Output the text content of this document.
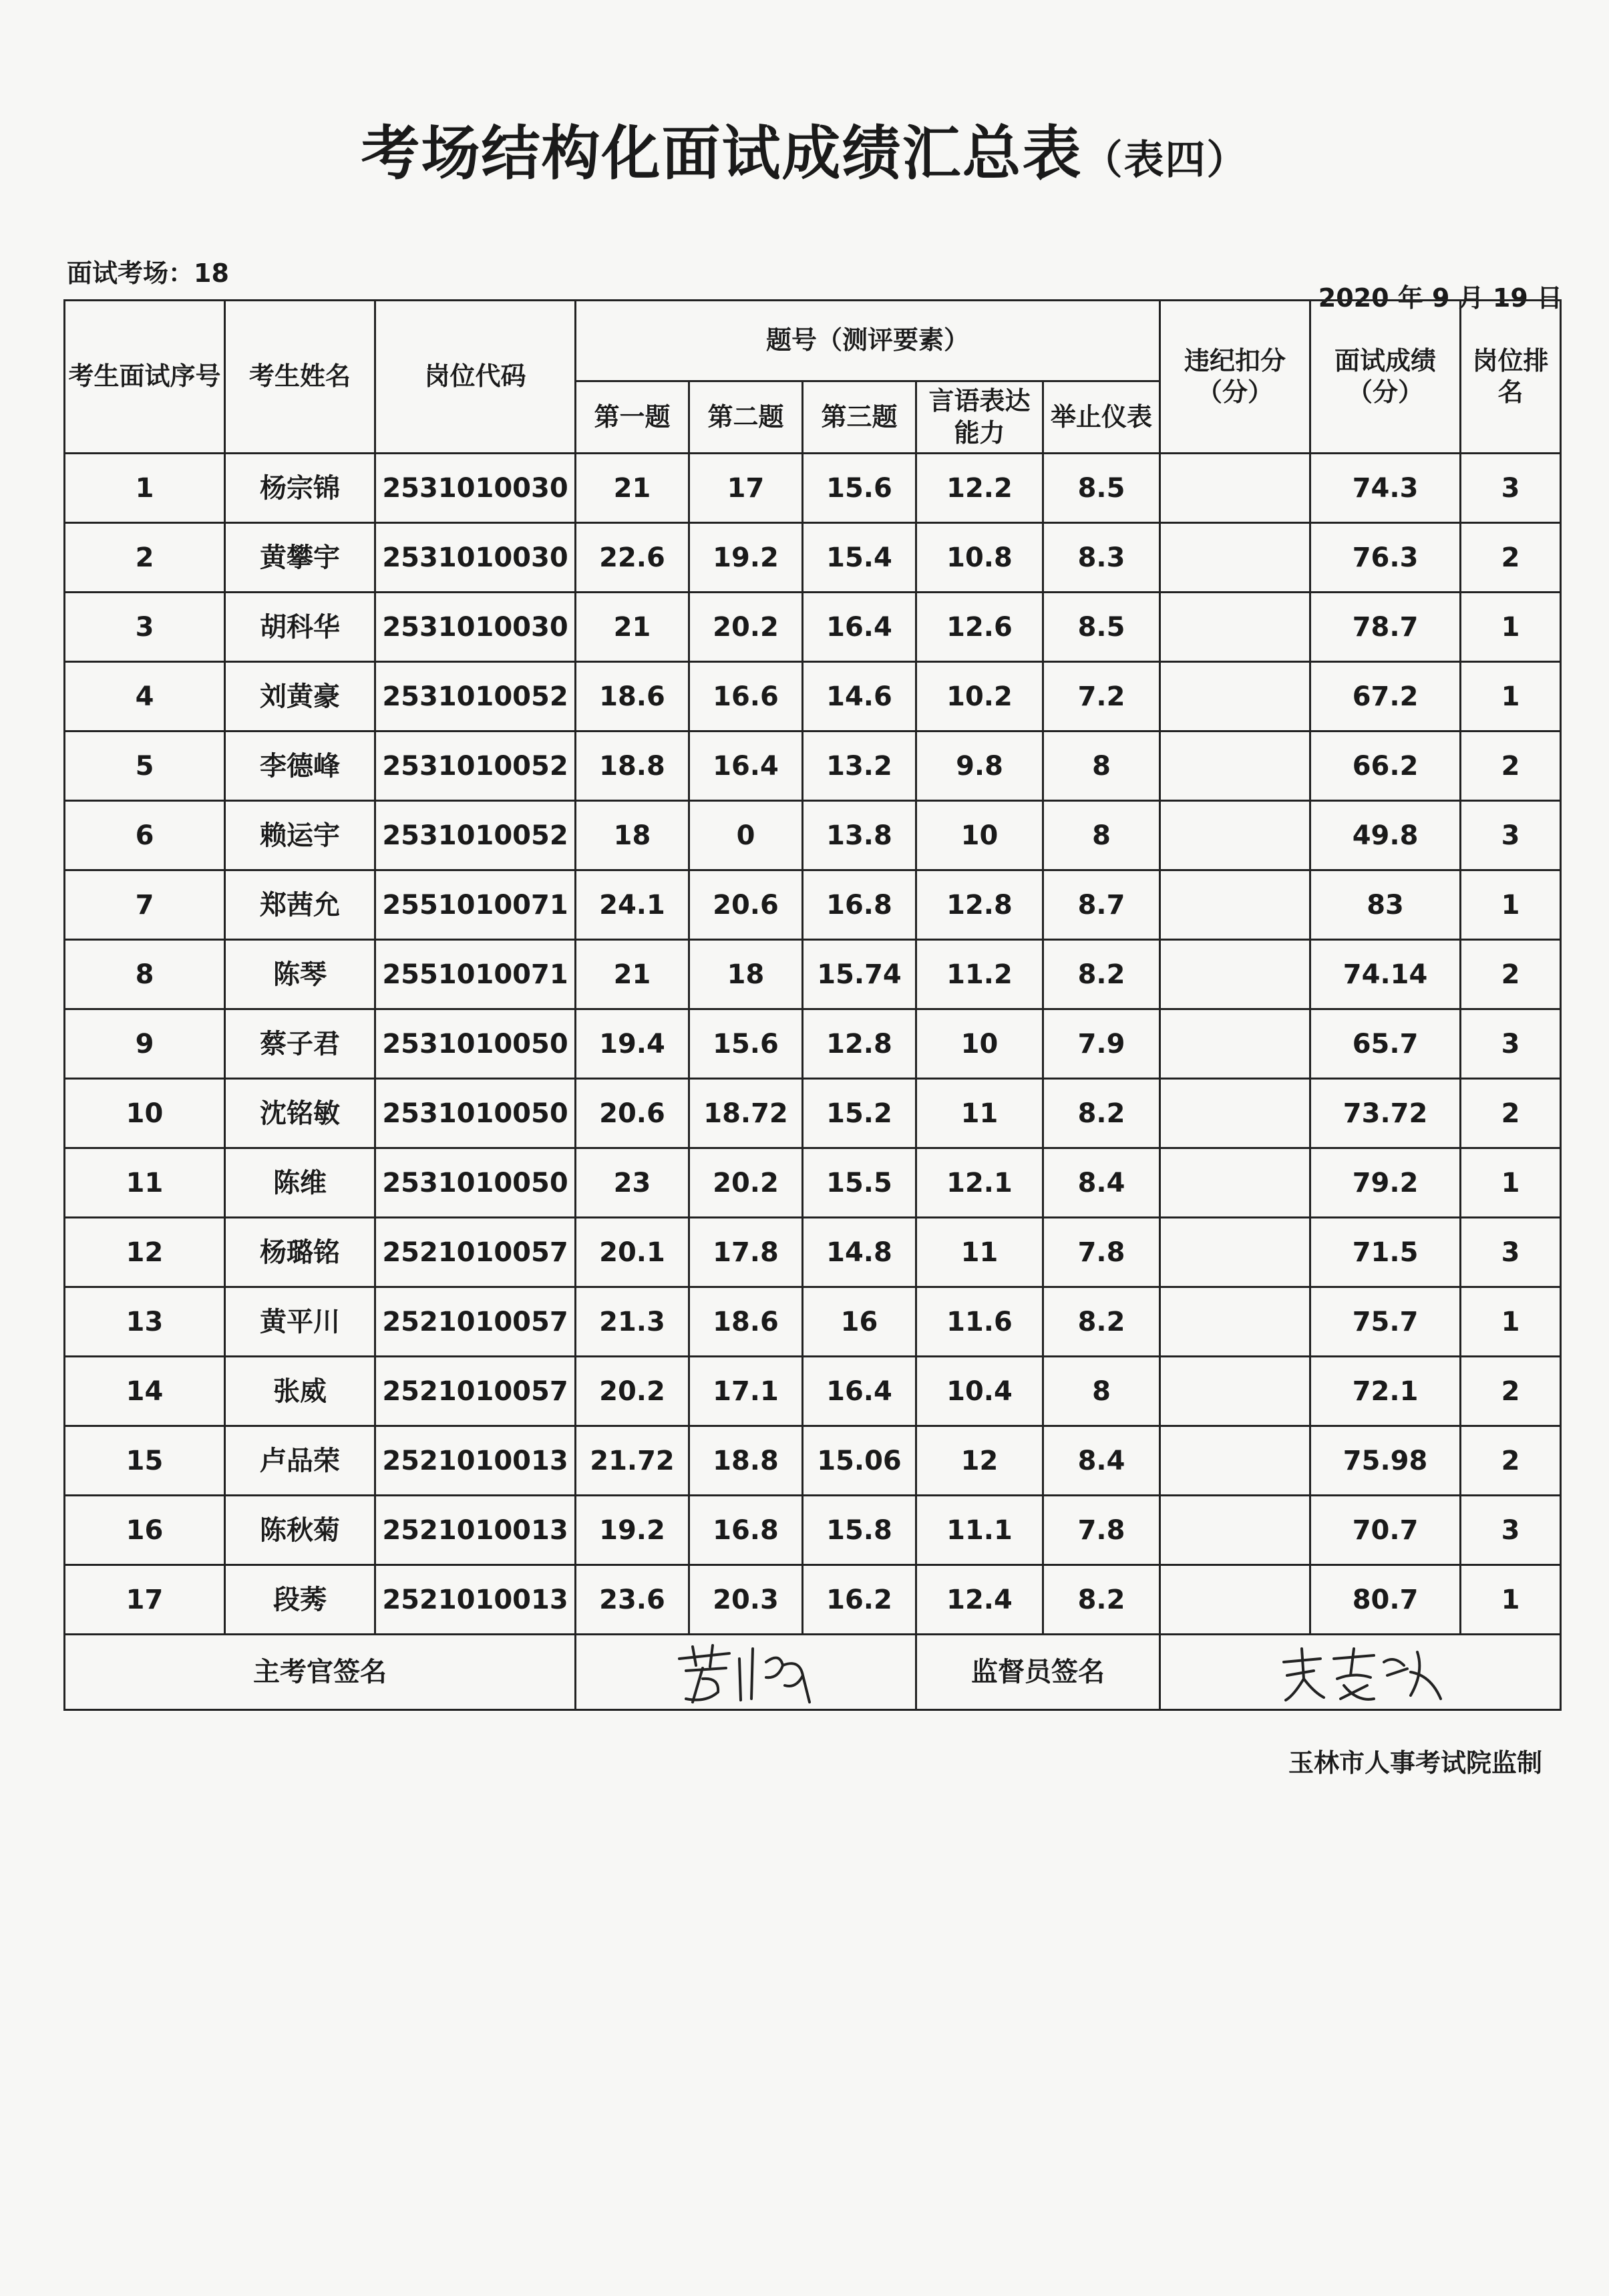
考场结构化面试成绩汇总表（表四）
面试考场：18
2020 年 9 月 19 日
考生面试序号	考生姓名	岗位代码	题号（测评要素）					违纪扣分（分）	面试成绩（分）	岗位排名
			第一题	第二题	第三题	言语表达能力	举止仪表			
1	杨宗锦	2531010030	21	17	15.6	12.2	8.5		74.3	3
2	黄攀宇	2531010030	22.6	19.2	15.4	10.8	8.3		76.3	2
3	胡科华	2531010030	21	20.2	16.4	12.6	8.5		78.7	1
4	刘黄豪	2531010052	18.6	16.6	14.6	10.2	7.2		67.2	1
5	李德峰	2531010052	18.8	16.4	13.2	9.8	8		66.2	2
6	赖运宇	2531010052	18	0	13.8	10	8		49.8	3
7	郑茜允	2551010071	24.1	20.6	16.8	12.8	8.7		83	1
8	陈琴	2551010071	21	18	15.74	11.2	8.2		74.14	2
9	蔡子君	2531010050	19.4	15.6	12.8	10	7.9		65.7	3
10	沈铭敏	2531010050	20.6	18.72	15.2	11	8.2		73.72	2
11	陈维	2531010050	23	20.2	15.5	12.1	8.4		79.2	1
12	杨璐铭	2521010057	20.1	17.8	14.8	11	7.8		71.5	3
13	黄平川	2521010057	21.3	18.6	16	11.6	8.2		75.7	1
14	张威	2521010057	20.2	17.1	16.4	10.4	8		72.1	2
15	卢品荣	2521010013	21.72	18.8	15.06	12	8.4		75.98	2
16	陈秋菊	2521010013	19.2	16.8	15.8	11.1	7.8		70.7	3
17	段莠	2521010013	23.6	20.3	16.2	12.4	8.2		80.7	1
主考官签名						监督员签名	
玉林市人事考试院监制
